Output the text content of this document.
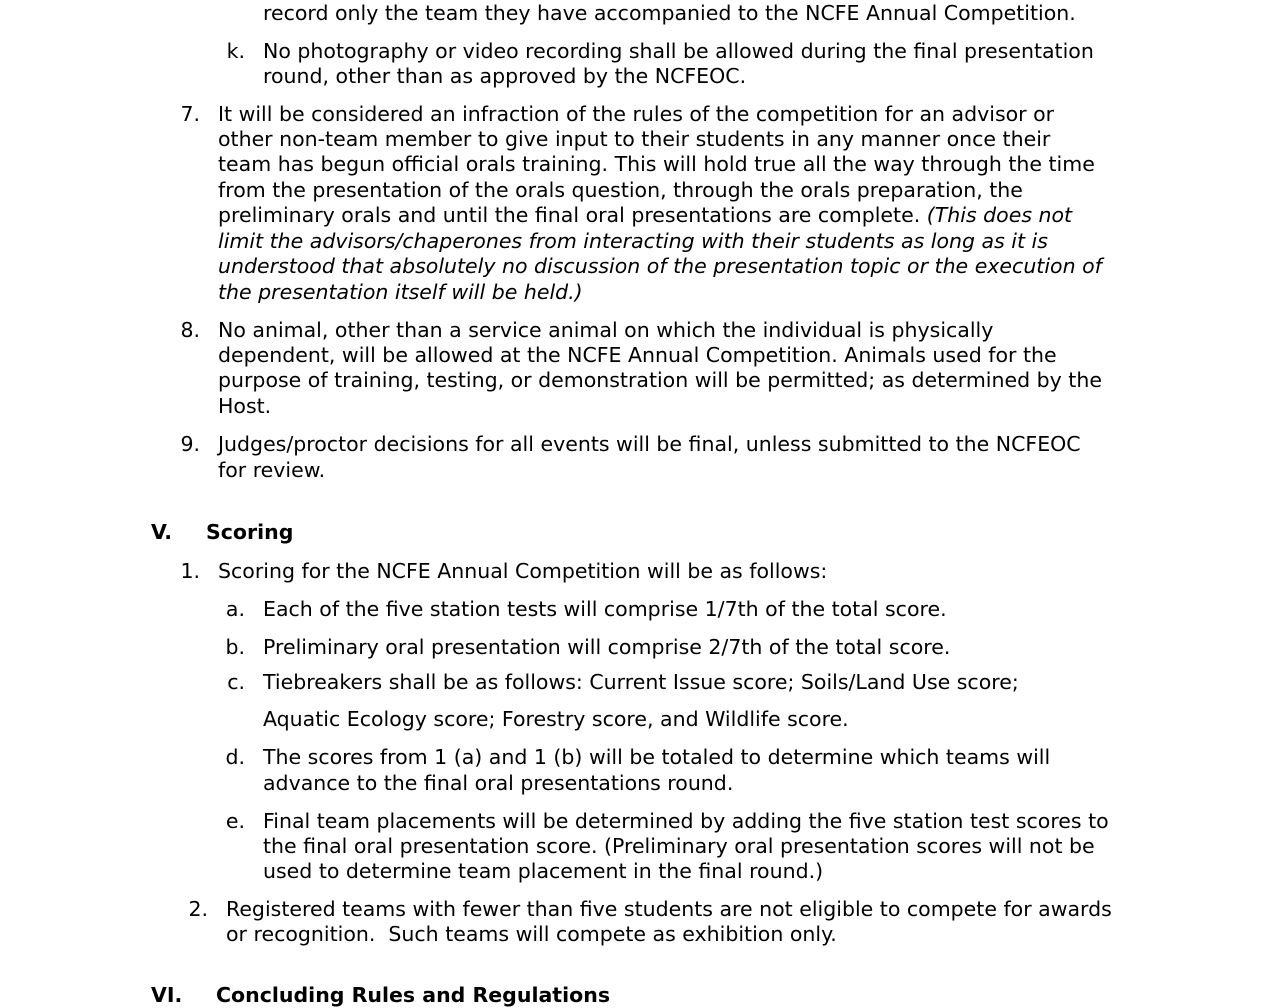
record only the team they have accompanied to the NCFE Annual Competition.
k. No photography or video recording shall be allowed during the final presentation
round, other than as approved by the NCFEOC.
7. It will be considered an infraction of the rules of the competition for an advisor or
other non-team member to give input to their students in any manner once their
team has begun official orals training. This will hold true all the way through the time
from the presentation of the orals question, through the orals preparation, the
preliminary orals and until the final oral presentations are complete. (This does not
limit the advisors/chaperones from interacting with their students as long as it is
understood that absolutely no discussion of the presentation topic or the execution of
the presentation itself will be held.)
8. No animal, other than a service animal on which the individual is physically
dependent, will be allowed at the NCFE Annual Competition. Animals used for the
purpose of training, testing, or demonstration will be permitted; as determined by the
Host.
9. Judges/proctor decisions for all events will be final, unless submitted to the NCFEOC
for review.
V. Scoring
1. Scoring for the NCFE Annual Competition will be as follows:
a. Each of the five station tests will comprise 1/7th of the total score.
b. Preliminary oral presentation will comprise 2/7th of the total score.
c. Tiebreakers shall be as follows: Current Issue score; Soils/Land Use score;
Aquatic Ecology score; Forestry score, and Wildlife score.
d. The scores from 1 (a) and 1 (b) will be totaled to determine which teams will
advance to the final oral presentations round.
e. Final team placements will be determined by adding the five station test scores to
the final oral presentation score. (Preliminary oral presentation scores will not be
used to determine team placement in the final round.)
2. Registered teams with fewer than five students are not eligible to compete for awards
or recognition.  Such teams will compete as exhibition only.
VI. Concluding Rules and Regulations
